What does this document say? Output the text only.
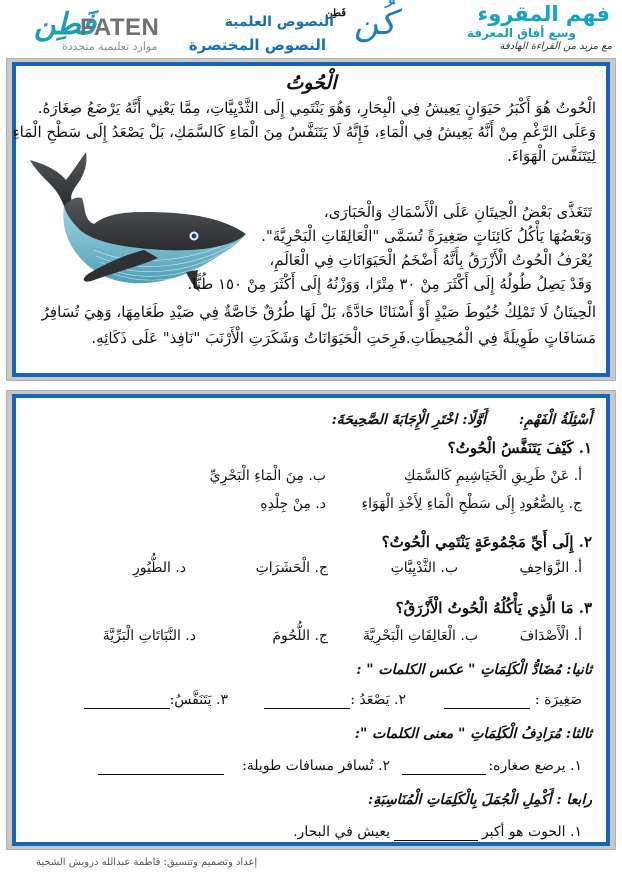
فَطِن
FATEN
موارد تعليمية متجددة
كُن
فَطِن
النصوص العلمية
النصوص المختصرة
فهم المقروء
وسع أفاق المعرفة
مع مزيد من القراءة الهادفة
الْحُوتُ
الْحُوتُ هُوَ أَكْبَرُ حَيَوَانٍ يَعِيشُ فِي الْبِحَارِ، وَهُوَ يَنْتَمِي إِلَى الثَّدْيِيَّاتِ، مِمَّا يَعْنِي أَنَّهُ يَرْضَعُ صِغَارَهُ.
وَعَلَى الرَّغْمِ مِنْ أَنَّهُ يَعِيشُ فِي الْمَاءِ، فَإِنَّهُ لَا يَتَنَفَّسُ مِنَ الْمَاءِ كَالسَّمَكِ، بَلْ يَصْعَدُ إِلَى سَطْحِ الْمَاءِ
لِيَتَنَفَّسَ الْهَوَاءَ.
تَتَغَذَّى بَعْضُ الْحِيتَانِ عَلَى الْأَسْمَاكِ وَالْحَبَارَى،
وَبَعْضُهَا يَأْكُلُ كَائِنَاتٍ صَغِيرَةً تُسَمَّى "الْعَالِقَاتِ الْبَحْرِيَّةَ".
يُعْرَفُ الْحُوتُ الْأَزْرَقُ بِأَنَّهُ أَضْخَمُ الْحَيَوَانَاتِ فِي الْعَالَمِ،
وَقَدْ يَصِلُ طُولُهُ إِلَى أَكْثَرَ مِنْ ٣٠ مِتْرًا، وَوَزْنُهُ إِلَى أَكْثَرَ مِنْ ١٥٠ طُنًّا.
الْحِيتَانُ لَا تَمْلِكُ خُيُوطَ صَيْدٍ أَوْ أَسْنَانًا حَادَّةً، بَلْ لَهَا طُرُقٌ خَاصَّةٌ فِي صَيْدِ طَعَامِهَا، وَهِيَ تُسَافِرُ
مَسَافَاتٍ طَوِيلَةً فِي الْمُحِيطَاتِ.فَرِحَتِ الْحَيَوَانَاتُ وَشَكَرَتِ الْأَرْنَبَ "نَافِذ" عَلَى ذَكَائِهِ.
أَسْئِلَةُ الْفَهْمِ:
أَوَّلًا: اخْتَرِ الْإِجَابَةَ الصَّحِيحَةَ:
١. كَيْفَ يَتَنَفَّسُ الْحُوتُ؟
أ. عَنْ طَرِيقِ الْخَيَاشِيمِ كَالسَّمَكِ
ب. مِنَ الْمَاءِ الْبَحْرِيِّ
ج. بِالصُّعُودِ إِلَى سَطْحِ الْمَاءِ لِأَخْذِ الْهَوَاءِ
د. مِنْ جِلْدِهِ
٢. إِلَى أَيِّ مَجْمُوعَةٍ يَنْتَمِي الْحُوتُ؟
أ. الزَّوَاحِفِ
ب. الثَّدْيِيَّاتِ
ج. الْحَشَرَاتِ
د. الطُّيُورِ
٣. مَا الَّذِي يَأْكُلُهُ الْحُوتُ الْأَزْرَقُ؟
أ. الْأَصْدَافَ
ب. الْعَالِقَاتِ الْبَحْرِيَّةَ
ج. اللُّحُومَ
د. النَّبَاتَاتِ الْبَرِّيَّةَ
ثانيا: مُضَادُّ الْكَلِمَاتِ " عكس الكلمات " :
صَغِيرَة :
٢. يَصْعَدُ :
٣. يَتَنَفَّسُ:
ثالثا: مُرَادِفُ الْكَلِمَاتِ " معنى الكلمات ":
١. يرضع صغاره:
٢. تُسافر مسافات طويلة:
رابعا : أَكْمِلِ الْجُمَلَ بِالْكَلِمَاتِ الْمُنَاسِبَةِ:
١. الحوت هو أكبر
يعيش في البحار.
إعداد وتصميم وتنسيق: فاطمة عبدالله درويش الشحية
